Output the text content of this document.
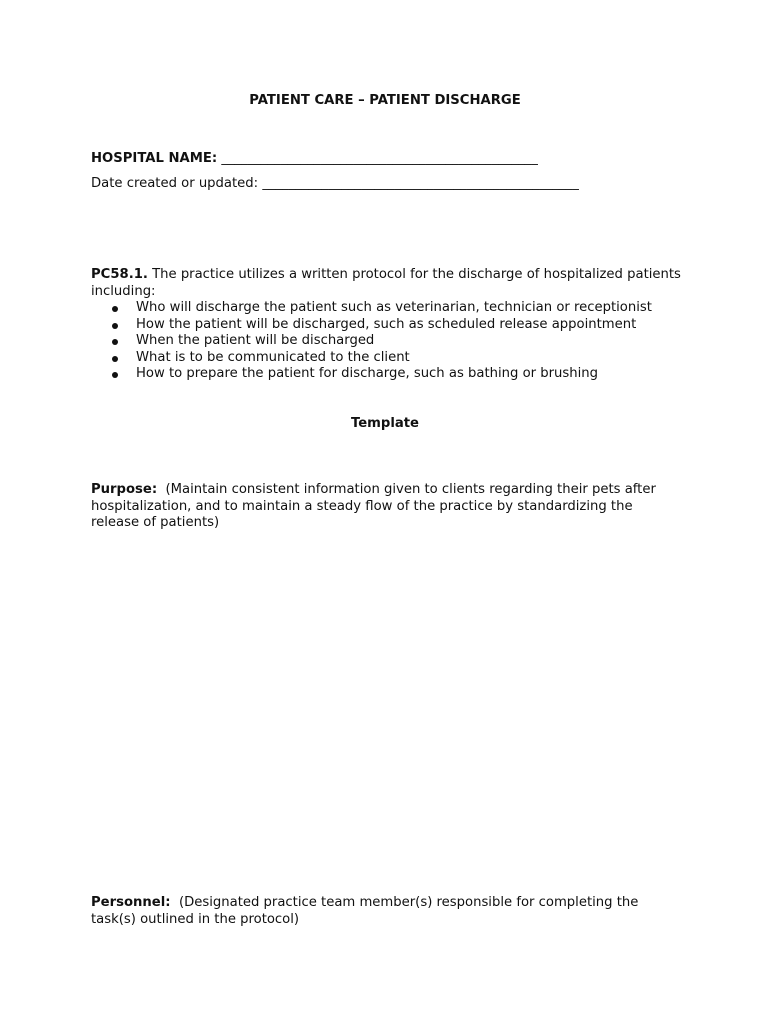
PATIENT CARE – PATIENT DISCHARGE
HOSPITAL NAME: ________________________________________________
Date created or updated: ________________________________________________
PC58.1. The practice utilizes a written protocol for the discharge of hospitalized patients including:
Who will discharge the patient such as veterinarian, technician or receptionist
How the patient will be discharged, such as scheduled release appointment
When the patient will be discharged
What is to be communicated to the client
How to prepare the patient for discharge, such as bathing or brushing
Template
Purpose: (Maintain consistent information given to clients regarding their pets after hospitalization, and to maintain a steady flow of the practice by standardizing the release of patients)
Personnel: (Designated practice team member(s) responsible for completing the task(s) outlined in the protocol)
